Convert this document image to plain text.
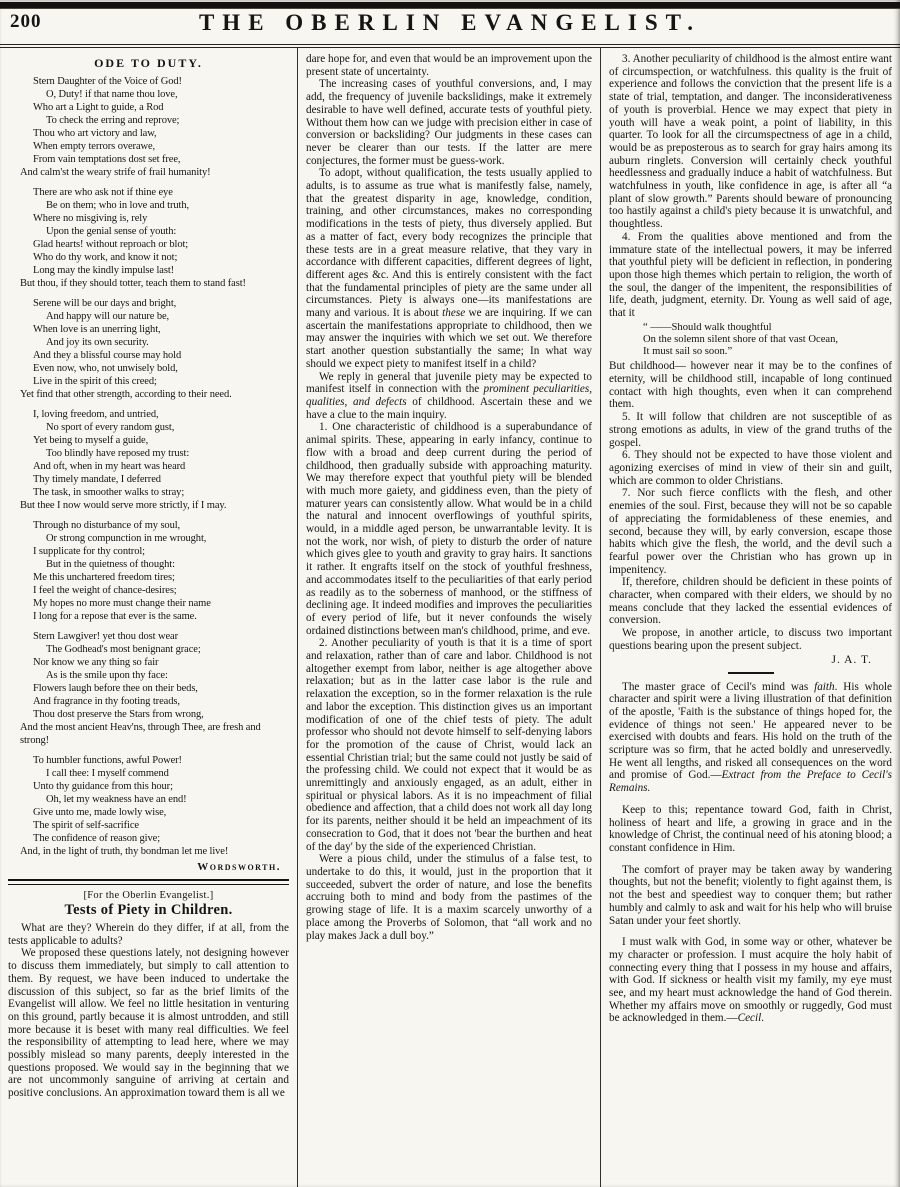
200	THE OBERLIN EVANGELIST.
ODE TO DUTY.
Stern Daughter of the Voice of God!
O, Duty! if that name thou love,
Who art a Light to guide, a Rod
To check the erring and reprove;
Thou who art victory and law,
When empty terrors overawe,
From vain temptations dost set free,
And calm'st the weary strife of frail humanity!
There are who ask not if thine eye
Be on them; who in love and truth,
Where no misgiving is, rely
Upon the genial sense of youth:
Glad hearts! without reproach or blot;
Who do thy work, and know it not;
Long may the kindly impulse last!
But thou, if they should totter, teach them to stand fast!
Serene will be our days and bright,
And happy will our nature be,
When love is an unerring light,
And joy its own security.
And they a blissful course may hold
Even now, who, not unwisely bold,
Live in the spirit of this creed;
Yet find that other strength, according to their need.
I, loving freedom, and untried,
No sport of every random gust,
Yet being to myself a guide,
Too blindly have reposed my trust:
And oft, when in my heart was heard
Thy timely mandate, I deferred
The task, in smoother walks to stray;
But thee I now would serve more strictly, if I may.
Through no disturbance of my soul,
Or strong compunction in me wrought,
I supplicate for thy control;
But in the quietness of thought:
Me this unchartered freedom tires;
I feel the weight of chance-desires;
My hopes no more must change their name
I long for a repose that ever is the same.
Stern Lawgiver! yet thou dost wear
The Godhead's most benignant grace;
Nor know we any thing so fair
As is the smile upon thy face:
Flowers laugh before thee on their beds,
And fragrance in thy footing treads,
Thou dost preserve the Stars from wrong,
And the most ancient Heav'ns, through Thee, are fresh and strong!
To humbler functions, awful Power!
I call thee: I myself commend
Unto thy guidance from this hour;
Oh, let my weakness have an end!
Give unto me, made lowly wise,
The spirit of self-sacrifice
The confidence of reason give;
And, in the light of truth, thy bondman let me live!
Wordsworth.
[For the Oberlin Evangelist.]
Tests of Piety in Children.
What are they? Wherein do they differ, if at all, from the tests applicable to adults?
We proposed these questions lately, not designing however to discuss them immediately, but simply to call attention to them. By request, we have been induced to undertake the discussion of this subject, so far as the brief limits of the Evangelist will allow. We feel no little hesitation in venturing on this ground, partly because it is almost untrodden, and still more because it is beset with many real difficulties. We feel the responsibility of attempting to lead here, where we may possibly mislead so many parents, deeply interested in the questions proposed. We would say in the beginning that we are not uncommonly sanguine of arriving at certain and positive conclusions. An approximation toward them is all we
dare hope for, and even that would be an improvement upon the present state of uncertainty.
The increasing cases of youthful conversions, and, I may add, the frequency of juvenile backslidings, make it extremely desirable to have well defined, accurate tests of youthful piety. Without them how can we judge with precision either in case of conversion or backsliding? Our judgments in these cases can never be clearer than our tests. If the latter are mere conjectures, the former must be guess-work.
To adopt, without qualification, the tests usually applied to adults, is to assume as true what is manifestly false, namely, that the greatest disparity in age, knowledge, condition, training, and other circumstances, makes no corresponding modifications in the tests of piety, thus diversely applied. But as a matter of fact, every body recognizes the principle that these tests are in a great measure relative, that they vary in accordance with different capacities, different degrees of light, different ages &c. And this is entirely consistent with the fact that the fundamental principles of piety are the same under all circumstances. Piety is always one—its manifestations are many and various. It is about these we are inquiring. If we can ascertain the manifestations appropriate to childhood, then we may answer the inquiries with which we set out. We therefore start another question substantially the same; In what way should we expect piety to manifest itself in a child?
We reply in general that juvenile piety may be expected to manifest itself in connection with the prominent peculiarities, qualities, and defects of childhood. Ascertain these and we have a clue to the main inquiry.
1. One characteristic of childhood is a superabundance of animal spirits. These, appearing in early infancy, continue to flow with a broad and deep current during the period of childhood, then gradually subside with approaching maturity. We may therefore expect that youthful piety will be blended with much more gaiety, and giddiness even, than the piety of maturer years can consistently allow. What would be in a child the natural and innocent overflowings of youthful spirits, would, in a middle aged person, be unwarrantable levity. It is not the work, nor wish, of piety to disturb the order of nature which gives glee to youth and gravity to gray hairs. It sanctions it rather. It engrafts itself on the stock of youthful freshness, and accommodates itself to the peculiarities of that early period as readily as to the soberness of manhood, or the stiffness of declining age. It indeed modifies and improves the peculiarities of every period of life, but it never confounds the wisely ordained distinctions between man's childhood, prime, and eve.
2. Another peculiarity of youth is that it is a time of sport and relaxation, rather than of care and labor. Childhood is not altogether exempt from labor, neither is age altogether above relaxation; but as in the latter case labor is the rule and relaxation the exception, so in the former relaxation is the rule and labor the exception. This distinction gives us an important modification of one of the chief tests of piety. The adult professor who should not devote himself to self-denying labors for the promotion of the cause of Christ, would lack an essential Christian trial; but the same could not justly be said of the professing child. We could not expect that it would be as unremittingly and anxiously engaged, as an adult, either in spiritual or physical labors. As it is no impeachment of filial obedience and affection, that a child does not work all day long for its parents, neither should it be held an impeachment of its consecration to God, that it does not 'bear the burthen and heat of the day' by the side of the experienced Christian.
Were a pious child, under the stimulus of a false test, to undertake to do this, it would, just in the proportion that it succeeded, subvert the order of nature, and lose the benefits accruing both to mind and body from the pastimes of the growing stage of life. It is a maxim scarcely unworthy of a place among the Proverbs of Solomon, that “all work and no play makes Jack a dull boy.”
3. Another peculiarity of childhood is the almost entire want of circumspection, or watchfulness. this quality is the fruit of experience and follows the conviction that the present life is a state of trial, temptation, and danger. The inconsiderativeness of youth is proverbial. Hence we may expect that piety in youth will have a weak point, a point of liability, in this quarter. To look for all the circumspectness of age in a child, would be as preposterous as to search for gray hairs among its auburn ringlets. Conversion will certainly check youthful heedlessness and gradually induce a habit of watchfulness. But watchfulness in youth, like confidence in age, is after all “a plant of slow growth.” Parents should beware of pronouncing too hastily against a child's piety because it is unwatchful, and thoughtless.
4. From the qualities above mentioned and from the immature state of the intellectual powers, it may be inferred that youthful piety will be deficient in reflection, in pondering upon those high themes which pertain to religion, the worth of the soul, the danger of the impenitent, the responsibilities of life, death, judgment, eternity. Dr. Young as well said of age, that it
“ ——Should walk thoughtful
On the solemn silent shore of that vast Ocean,
It must sail so soon.”
But childhood— however near it may be to the confines of eternity, will be childhood still, incapable of long continued contact with high thoughts, even when it can comprehend them.
5. It will follow that children are not susceptible of as strong emotions as adults, in view of the grand truths of the gospel.
6. They should not be expected to have those violent and agonizing exercises of mind in view of their sin and guilt, which are common to older Christians.
7. Nor such fierce conflicts with the flesh, and other enemies of the soul. First, because they will not be so capable of appreciating the formidableness of these enemies, and second, because they will, by early conversion, escape those habits which give the flesh, the world, and the devil such a fearful power over the Christian who has grown up in impenitency.
If, therefore, children should be deficient in these points of character, when compared with their elders, we should by no means conclude that they lacked the essential evidences of conversion.
We propose, in another article, to discuss two important questions bearing upon the present subject.
J. A. T.
The master grace of Cecil's mind was faith. His whole character and spirit were a living illustration of that definition of the apostle, 'Faith is the substance of things hoped for, the evidence of things not seen.' He appeared never to be exercised with doubts and fears. His hold on the truth of the scripture was so firm, that he acted boldly and unreservedly. He went all lengths, and risked all consequences on the word and promise of God.—Extract from the Preface to Cecil's Remains.
Keep to this; repentance toward God, faith in Christ, holiness of heart and life, a growing in grace and in the knowledge of Christ, the continual need of his atoning blood; a constant confidence in Him.
The comfort of prayer may be taken away by wandering thoughts, but not the benefit; violently to fight against them, is not the best and speediest way to conquer them; but rather humbly and calmly to ask and wait for his help who will bruise Satan under your feet shortly.
I must walk with God, in some way or other, whatever be my character or profession. I must acquire the holy habit of connecting every thing that I possess in my house and affairs, with God. If sickness or health visit my family, my eye must see, and my heart must acknowledge the hand of God therein. Whether my affairs move on smoothly or ruggedly, God must be acknowledged in them.—Cecil.
